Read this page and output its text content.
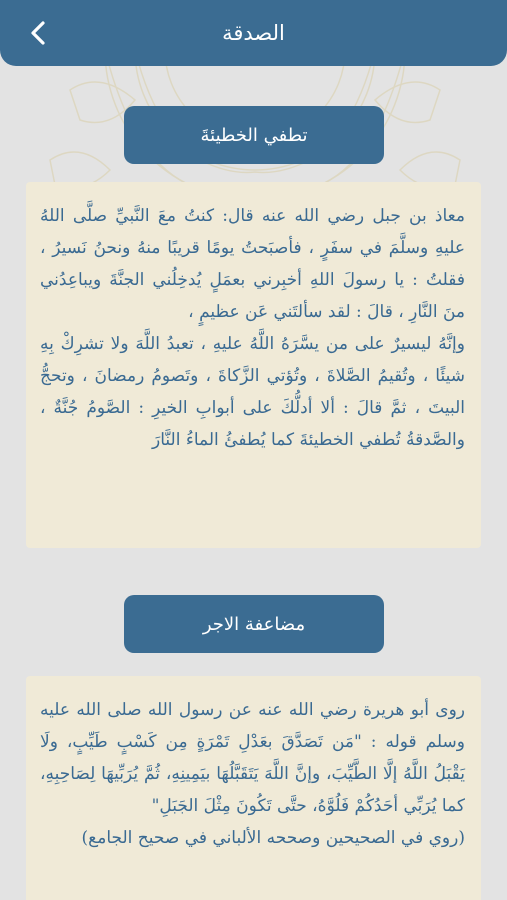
الصدقة
تطفي الخطيئةَ

معاذ بن جبل رضي الله عنه قال: كنتُ معَ النَّبيِّ صلَّى اللهُ عليهِ وسلَّمَ في سفَرٍ ، فأصبَحتُ يومًا قريبًا منهُ ونحنُ نَسيرُ ، فقلتُ : يا رسولَ اللهِ أخبِرني بعمَلٍ يُدخِلُني الجنَّةَ ويباعِدُني منَ النَّارِ ، قالَ : لقد سألتَني عَن عظيمٍ ،

وإنَّهُ ليسيرٌ على من يسَّرَهُ اللَّهُ عليهِ ، تعبدُ اللَّهَ ولا تشرِكْ بِهِ شيئًا ، وتُقيمُ الصَّلاةَ ، وتُؤتي الزَّكاةَ ، وتَصومُ رمضانَ ، وتحجُّ البيتَ ، ثمَّ قالَ : ألا أدلُّكَ على أبوابِ الخيرِ : الصَّومُ جُنَّةٌ ، والصَّدقةُ تُطفي الخطيئةَ كما يُطفئُ الماءُ النَّارَ

مضاعفة الاجر

روى أبو هريرة رضي الله عنه عن رسول الله صلى الله عليه وسلم قوله : "مَن تَصَدَّقَ بعَدْلِ تَمْرَةٍ مِن كَسْبٍ طَيِّبٍ، ولَا يَقْبَلُ اللَّهُ إلَّا الطَّيِّبَ، وإنَّ اللَّهَ يَتَقَبَّلُهَا بيَمِينِهِ، ثُمَّ يُرَبِّيهَا لِصَاحِبِهِ، كما يُرَبِّي أحَدُكُمْ فَلُوَّهُ، حتَّى تَكُونَ مِثْلَ الجَبَلِ"

(روي في الصحيحين وصححه الألباني في صحيح الجامع)
